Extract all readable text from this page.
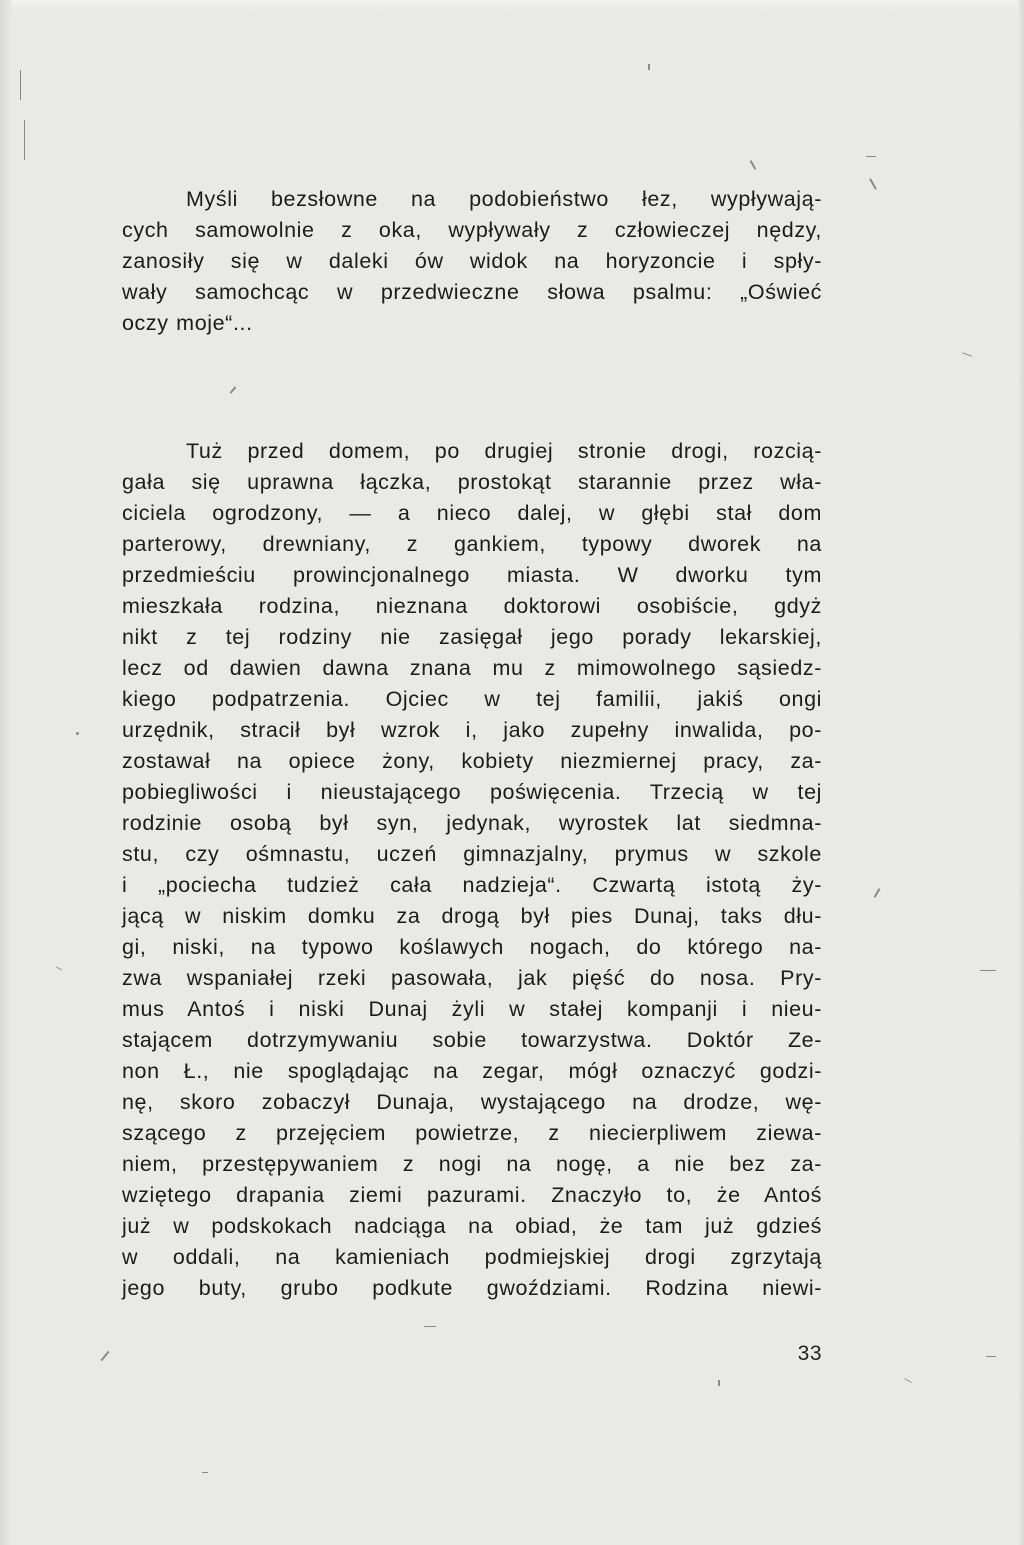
Myśli bezsłowne na podobieństwo łez, wypływają-
cych samowolnie z oka, wypływały z człowieczej nędzy,
zanosiły się w daleki ów widok na horyzoncie i spły-
wały samochcąc w przedwieczne słowa psalmu: „Oświeć
oczy moje“...
Tuż przed domem, po drugiej stronie drogi, rozcią-
gała się uprawna łączka, prostokąt starannie przez wła-
ciciela ogrodzony, — a nieco dalej, w głębi stał dom
parterowy, drewniany, z gankiem, typowy dworek na
przedmieściu prowincjonalnego miasta. W dworku tym
mieszkała rodzina, nieznana doktorowi osobiście, gdyż
nikt z tej rodziny nie zasięgał jego porady lekarskiej,
lecz od dawien dawna znana mu z mimowolnego sąsiedz-
kiego podpatrzenia. Ojciec w tej familii, jakiś ongi
urzędnik, stracił był wzrok i, jako zupełny inwalida, po-
zostawał na opiece żony, kobiety niezmiernej pracy, za-
pobiegliwości i nieustającego poświęcenia. Trzecią w tej
rodzinie osobą był syn, jedynak, wyrostek lat siedmna-
stu, czy ośmnastu, uczeń gimnazjalny, prymus w szkole
i „pociecha tudzież cała nadzieja“. Czwartą istotą ży-
jącą w niskim domku za drogą był pies Dunaj, taks dłu-
gi, niski, na typowo koślawych nogach, do którego na-
zwa wspaniałej rzeki pasowała, jak pięść do nosa. Pry-
mus Antoś i niski Dunaj żyli w stałej kompanji i nieu-
stającem dotrzymywaniu sobie towarzystwa. Doktór Ze-
non Ł., nie spoglądając na zegar, mógł oznaczyć godzi-
nę, skoro zobaczył Dunaja, wystającego na drodze, wę-
szącego z przejęciem powietrze, z niecierpliwem ziewa-
niem, przestępywaniem z nogi na nogę, a nie bez za-
wziętego drapania ziemi pazurami. Znaczyło to, że Antoś
już w podskokach nadciąga na obiad, że tam już gdzieś
w oddali, na kamieniach podmiejskiej drogi zgrzytają
jego buty, grubo podkute gwoździami. Rodzina niewi-
33
